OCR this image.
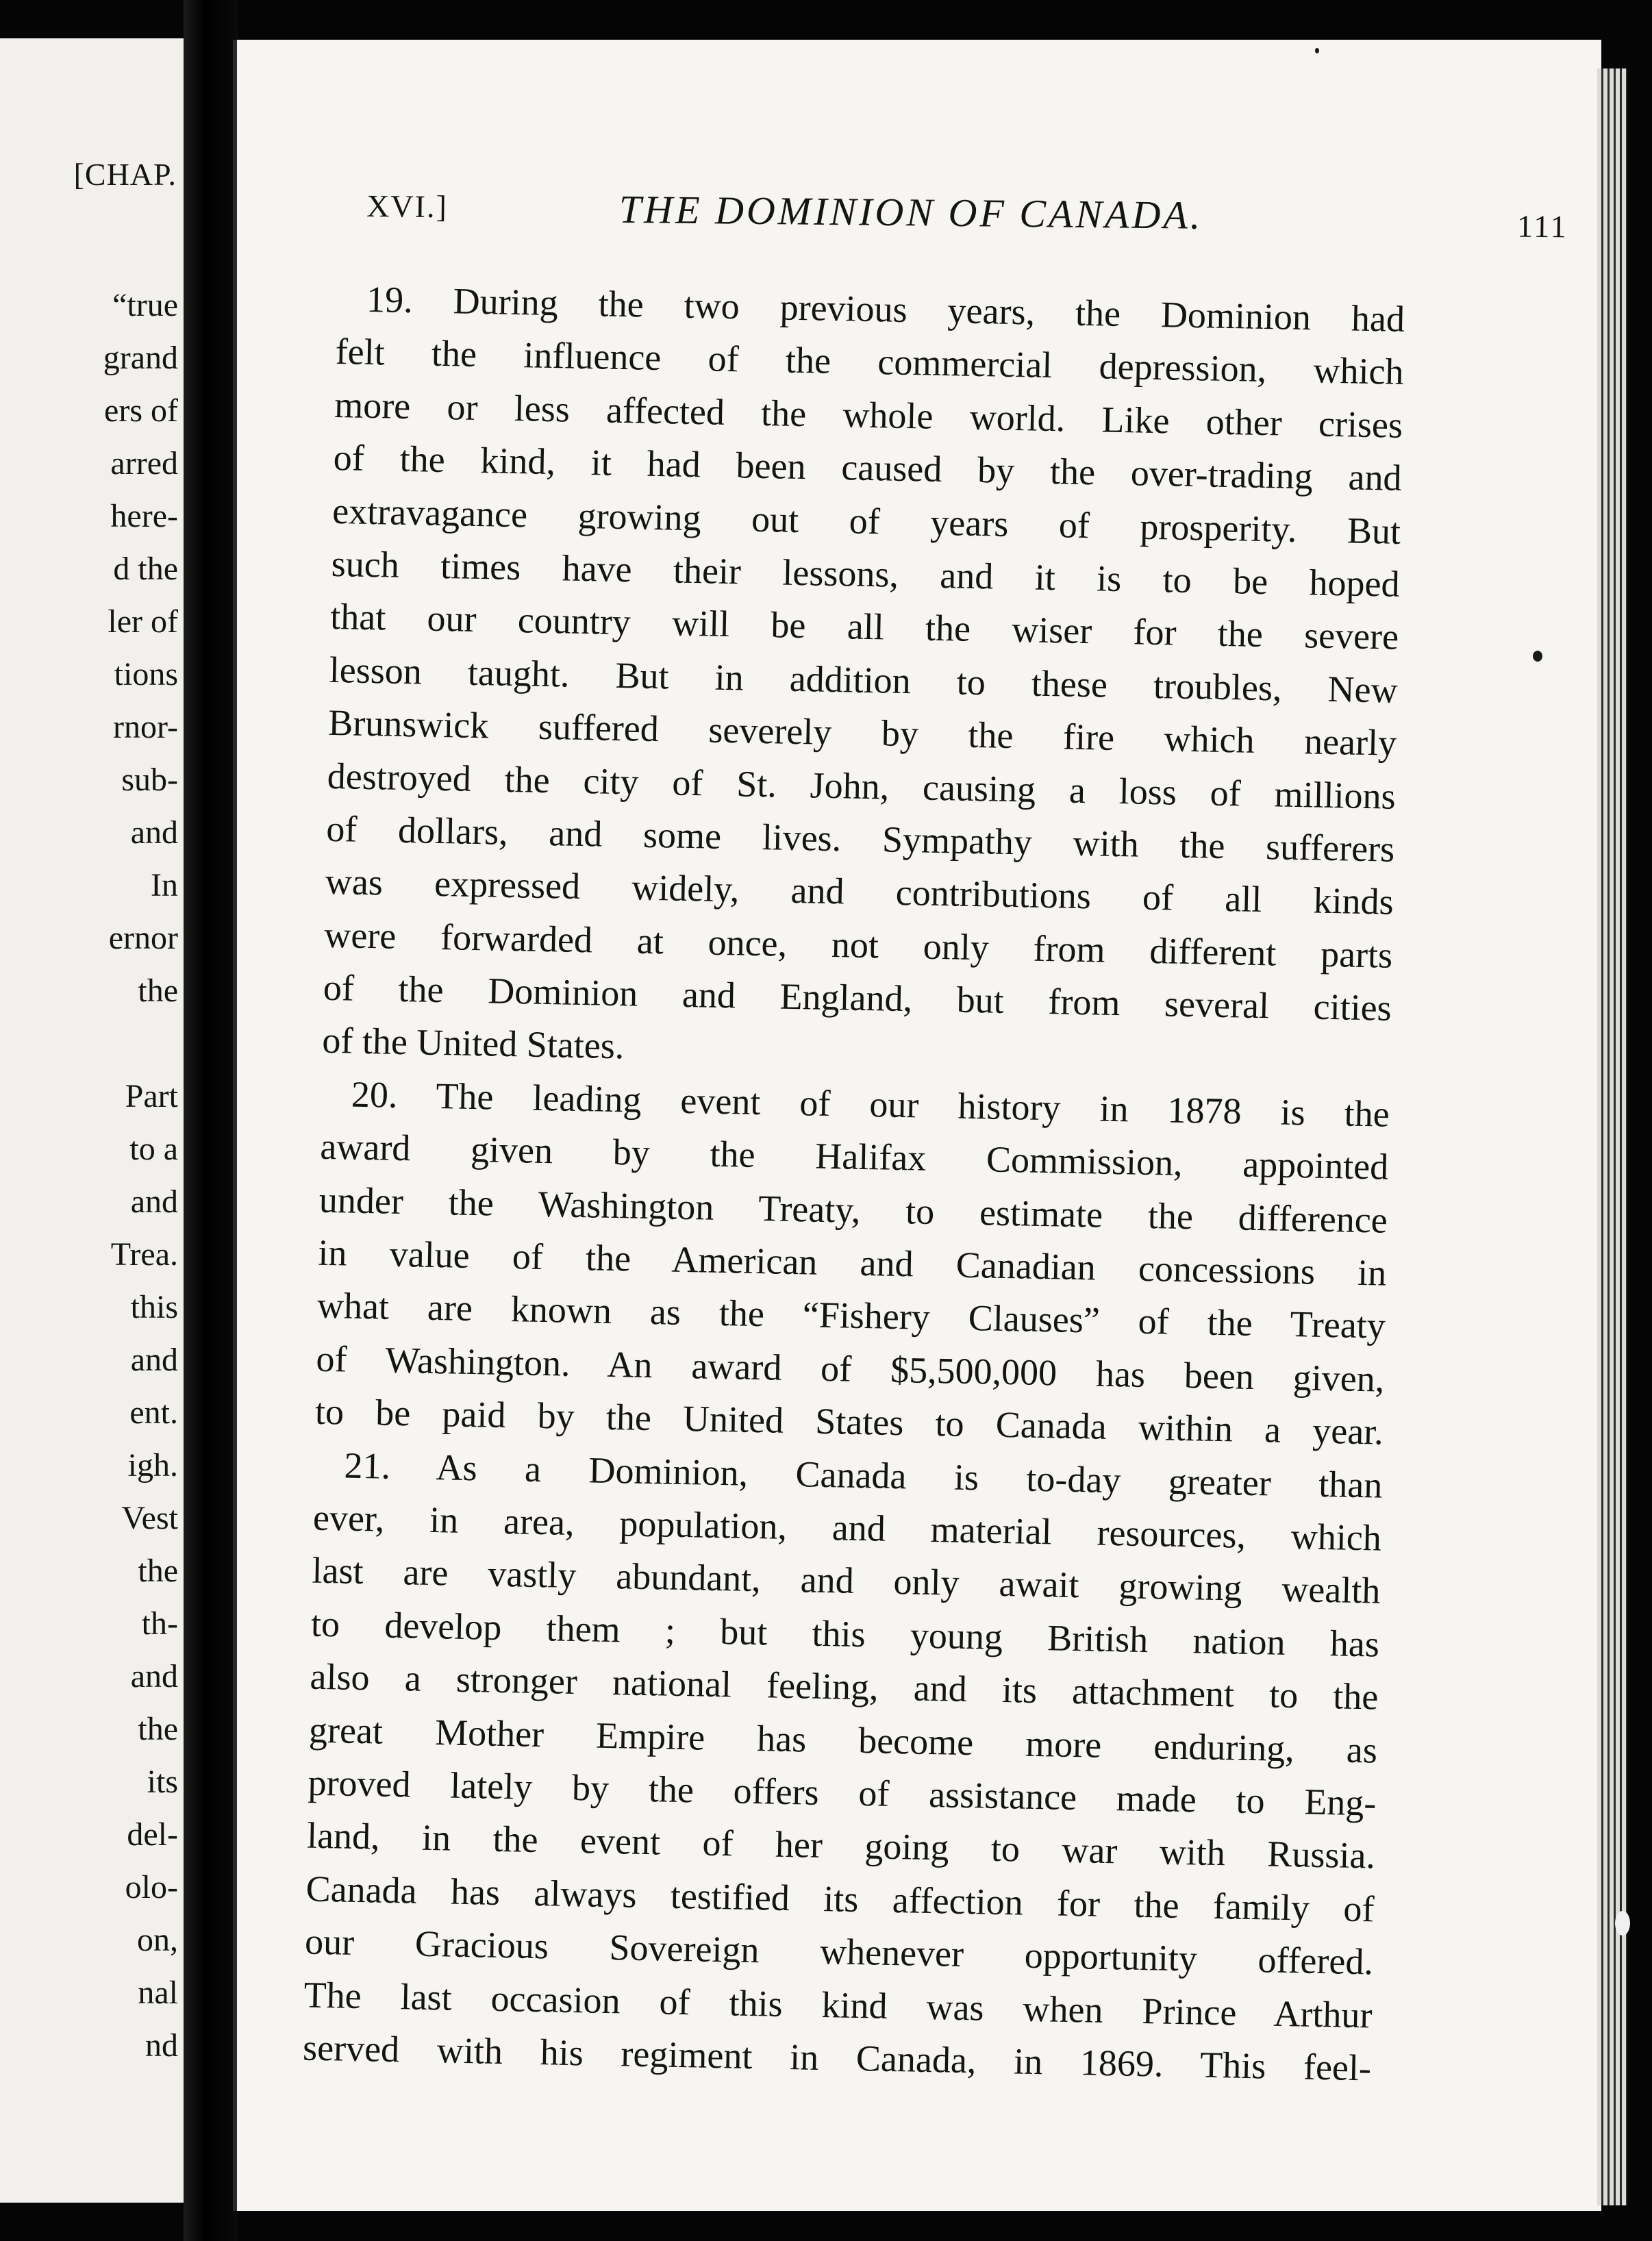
[CHAP.
“true
grand
ers of
arred
here-
d the
ler of
tions
rnor-
sub-
and
In
ernor
the
Part
to a
and
Trea.
this
and
ent.
igh.
Vest
the
th-
and
the
its
del-
olo-
on,
nal
nd
XVI.]	THE DOMINION OF CANADA.	111
19. During the two previous years, the Dominion had
felt the influence of the commercial depression, which
more or less affected the whole world. Like other crises
of the kind, it had been caused by the over-trading and
extravagance growing out of years of prosperity. But
such times have their lessons, and it is to be hoped
that our country will be all the wiser for the severe
lesson taught. But in addition to these troubles, New
Brunswick suffered severely by the fire which nearly
destroyed the city of St. John, causing a loss of millions
of dollars, and some lives. Sympathy with the sufferers
was expressed widely, and contributions of all kinds
were forwarded at once, not only from different parts
of the Dominion and England, but from several cities
of the United States.
20. The leading event of our history in 1878 is the
award given by the Halifax Commission, appointed
under the Washington Treaty, to estimate the difference
in value of the American and Canadian concessions in
what are known as the “Fishery Clauses” of the Treaty
of Washington. An award of $5,500,000 has been given,
to be paid by the United States to Canada within a year.
21. As a Dominion, Canada is to-day greater than
ever, in area, population, and material resources, which
last are vastly abundant, and only await growing wealth
to develop them ; but this young British nation has
also a stronger national feeling, and its attachment to the
great Mother Empire has become more enduring, as
proved lately by the offers of assistance made to Eng-
land, in the event of her going to war with Russia.
Canada has always testified its affection for the family of
our Gracious Sovereign whenever opportunity offered.
The last occasion of this kind was when Prince Arthur
served with his regiment in Canada, in 1869. This feel-
